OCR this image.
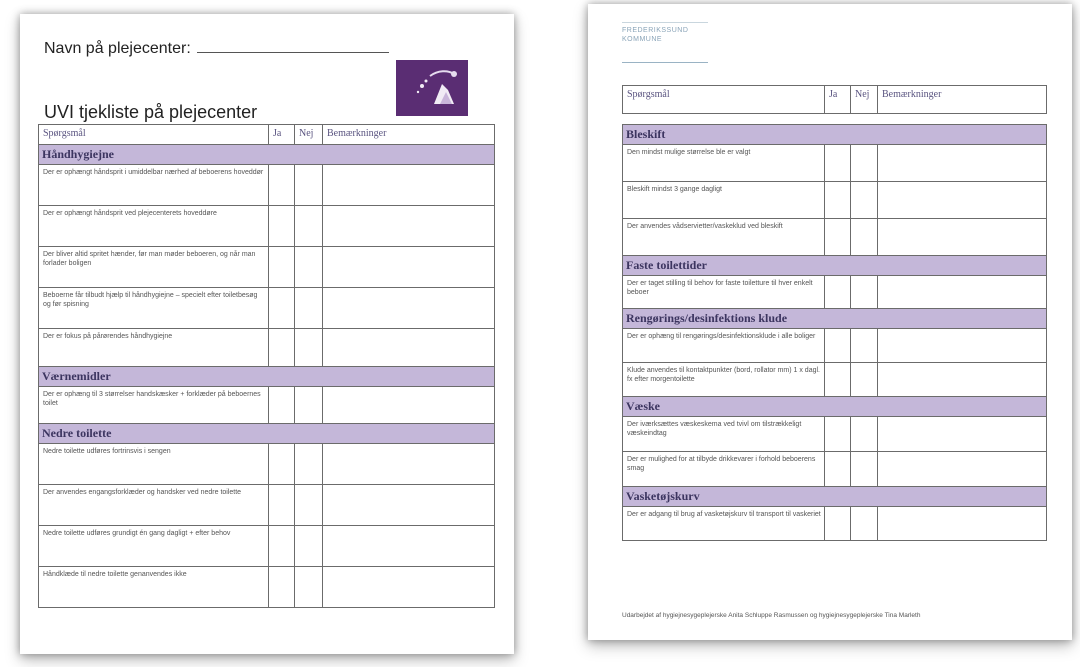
Navn på plejecenter:
UVI tjekliste på plejecenter
Spørgsmål	Ja	Nej	Bemærkninger
Håndhygiejne			
Der er ophængt håndsprit i umiddelbar nærhed af beboerens hoveddør			
Der er ophængt håndsprit ved plejecenterets hoveddøre			
Der bliver altid spritet hænder, før man møder beboeren, og når man forlader boligen			
Beboerne får tilbudt hjælp til håndhygiejne – specielt efter toiletbesøg og før spisning			
Der er fokus på pårørendes håndhygiejne			
Værnemidler			
Der er ophæng til 3 størrelser handskæsker + forklæder på beboernes toilet			
Nedre toilette			
Nedre toilette udføres fortrinsvis i sengen			
Der anvendes engangsforklæder og handsker ved nedre toilette			
Nedre toilette udføres grundigt én gang dagligt + efter behov			
Håndklæde til nedre toilette genanvendes ikke			
FREDERIKSSUND
KOMMUNE
Spørgsmål	Ja	Nej	Bemærkninger

Bleskift			
Den mindst mulige størrelse ble er valgt			
Bleskift mindst 3 gange dagligt			
Der anvendes vådservietter/vaskeklud ved bleskift			
Faste toilettider			
Der er taget stilling til behov for faste toiletture til hver enkelt beboer			
Rengørings/desinfektions klude			
Der er ophæng til rengørings/desinfektionsklude i alle boliger			
Klude anvendes til kontaktpunkter (bord, rollator mm) 1 x dagl. fx efter morgentoilette			
Væske			
Der iværksættes væskeskema ved tvivl om tilstrækkeligt væskeindtag			
Der er mulighed for at tilbyde drikkevarer i forhold beboerens smag			
Vasketøjskurv			
Der er adgang til brug af vasketøjskurv til transport til vaskeriet			
Udarbejdet af hygiejnesygeplejerske Anita Schluppe Rasmussen og hygiejnesygeplejerske Tina Marleth
